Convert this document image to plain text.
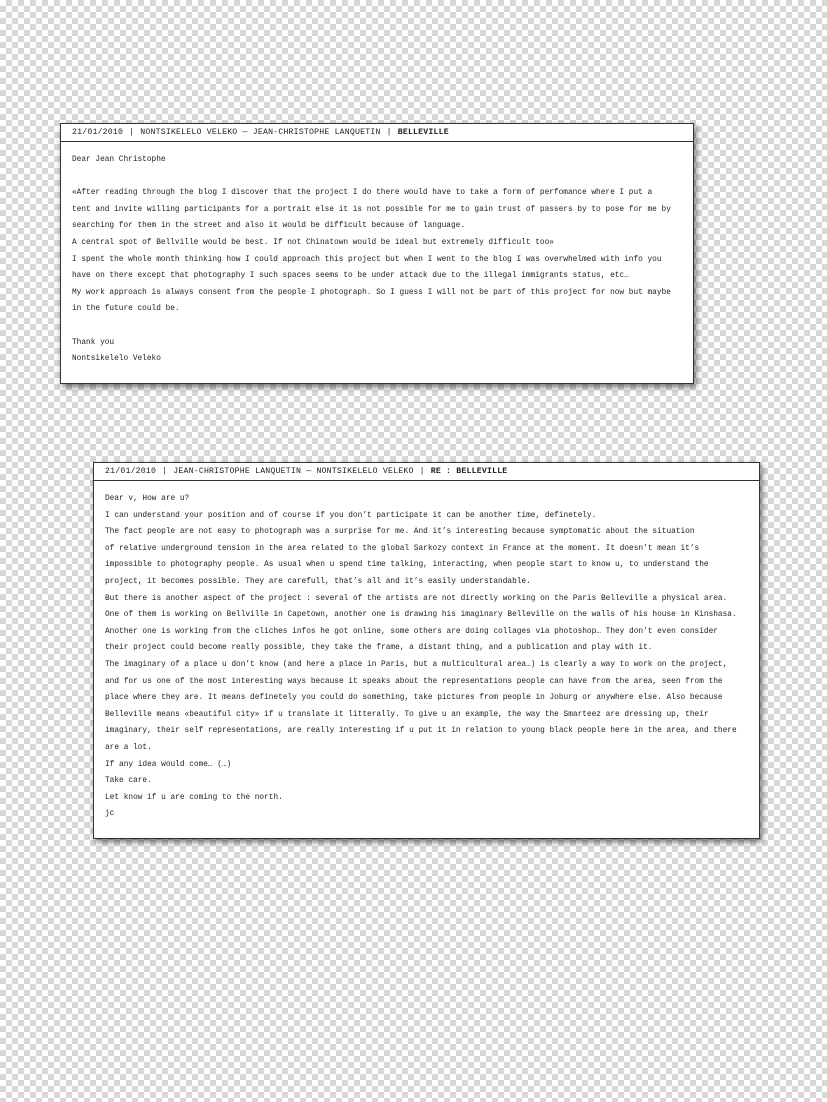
21/01/2010 | NONTSIKELELO VELEKO — JEAN-CHRISTOPHE LANQUETIN | BELLEVILLE
Dear Jean Christophe
«After reading through the blog I discover that the project I do there would have to take a form of perfomance where I put a
tent and invite willing participants for a portrait else it is not possible for me to gain trust of passers by to pose for me by
searching for them in the street and also it would be difficult because of language.
A central spot of Bellville would be best. If not Chinatown would be ideal but extremely difficult too»
I spent the whole month thinking how I could approach this project but when I went to the blog I was overwhelmed with info you
have on there except that photography I such spaces seems to be under attack due to the illegal immigrants status, etc…
My work approach is always consent from the people I photograph. So I guess I will not be part of this project for now but maybe
in the future could be.
Thank you
Nontsikelelo Veleko
21/01/2010 | JEAN-CHRISTOPHE LANQUETIN — NONTSIKELELO VELEKO | RE : BELLEVILLE
Dear v, How are u?
I can understand your position and of course if you don’t participate it can be another time, definetely.
The fact people are not easy to photograph was a surprise for me. And it’s interesting because symptomatic about the situation
of relative underground tension in the area related to the global Sarkozy context in France at the moment. It doesn’t mean it’s
impossible to photography people. As usual when u spend time talking, interacting, when people start to know u, to understand the
project, it becomes possible. They are carefull, that’s all and it’s easily understandable.
But there is another aspect of the project : several of the artists are not directly working on the Paris Belleville a physical area.
One of them is working on Bellville in Capetown, another one is drawing his imaginary Belleville on the walls of his house in Kinshasa.
Another one is working from the cliches infos he got online, some others are doing collages via photoshop… They don’t even consider
their project could become really possible, they take the frame, a distant thing, and a publication and play with it.
The imaginary of a place u don’t know (and here a place in Paris, but a multicultural area…) is clearly a way to work on the project,
and for us one of the most interesting ways because it speaks about the representations people can have from the area, seen from the
place where they are. It means definetely you could do something, take pictures from people in Joburg or anywhere else. Also because
Belleville means «beautiful city» if u translate it litterally. To give u an example, the way the Smarteez are dressing up, their
imaginary, their self representations, are really interesting if u put it in relation to young black people here in the area, and there
are a lot.
If any idea would come… (…)
Take care.
Let know if u are coming to the north.
jc
